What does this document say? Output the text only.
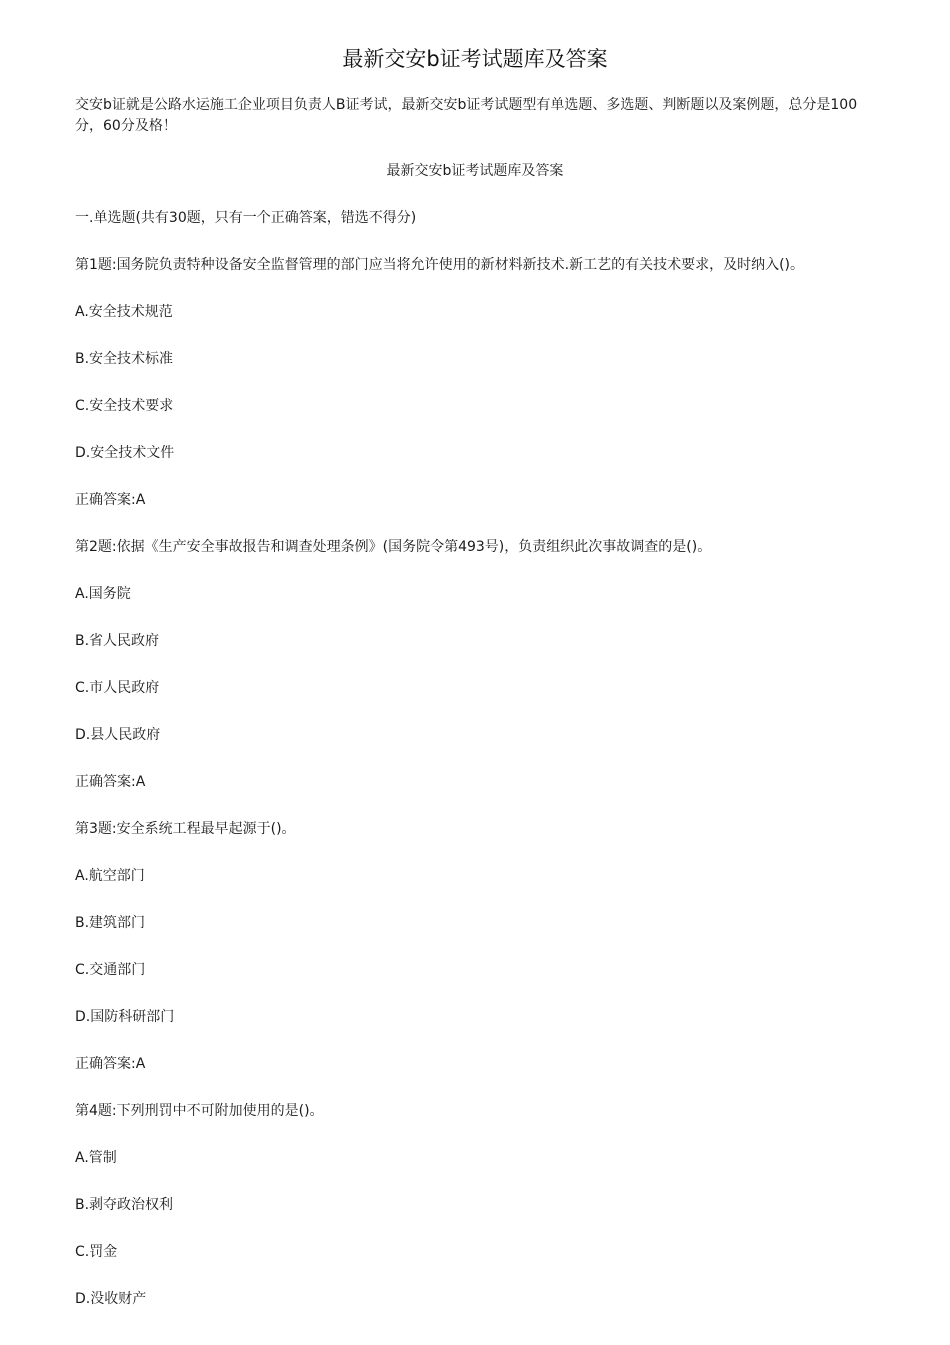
最新交安b证考试题库及答案
交安b证就是公路水运施工企业项目负责人B证考试，最新交安b证考试题型有单选题、多选题、判断题以及案例题，总分是100分，60分及格！
最新交安b证考试题库及答案
一.单选题(共有30题，只有一个正确答案，错选不得分)
第1题:国务院负责特种设备安全监督管理的部门应当将允许使用的新材料新技术.新工艺的有关技术要求，及时纳入()。
A.安全技术规范
B.安全技术标准
C.安全技术要求
D.安全技术文件
正确答案:A
第2题:依据《生产安全事故报告和调查处理条例》(国务院令第493号)，负责组织此次事故调查的是()。
A.国务院
B.省人民政府
C.市人民政府
D.县人民政府
正确答案:A
第3题:安全系统工程最早起源于()。
A.航空部门
B.建筑部门
C.交通部门
D.国防科研部门
正确答案:A
第4题:下列刑罚中不可附加使用的是()。
A.管制
B.剥夺政治权利
C.罚金
D.没收财产
